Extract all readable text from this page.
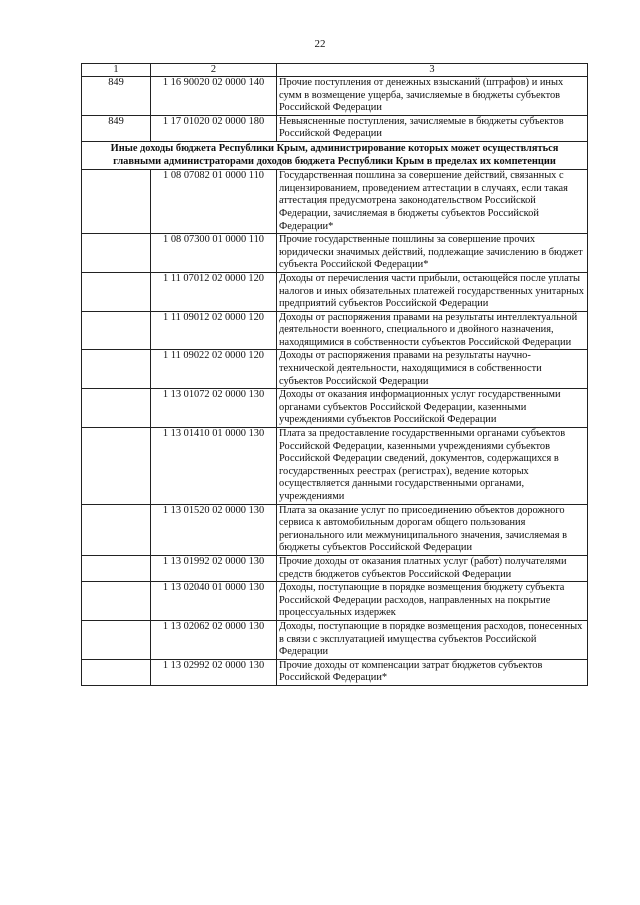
22
1	2	3
849	1 16 90020 02 0000 140	Прочие поступления от денежных взысканий (штрафов) и иных сумм в возмещение ущерба, зачисляемые в бюджеты субъектов Российской Федерации
849	1 17 01020 02 0000 180	Невыясненные поступления, зачисляемые в бюджеты субъектов Российской Федерации
Иные доходы бюджета Республики Крым, администрирование которых может осуществляться главными администраторами доходов бюджета Республики Крым в пределах их компетенции		
	1 08 07082 01 0000 110	Государственная пошлина за совершение действий, связанных с лицензированием, проведением аттестации в случаях, если такая аттестация предусмотрена законодательством Российской Федерации, зачисляемая в бюджеты субъектов Российской Федерации*
	1 08 07300 01 0000 110	Прочие государственные пошлины за совершение прочих юридически значимых действий, подлежащие зачислению в бюджет субъекта Российской Федерации*
	1 11 07012 02 0000 120	Доходы от перечисления части прибыли, остающейся после уплаты налогов и иных обязательных платежей государственных унитарных предприятий субъектов Российской Федерации
	1 11 09012 02 0000 120	Доходы от распоряжения правами на результаты интеллектуальной деятельности военного, специального и двойного назначения, находящимися в собственности субъектов Российской Федерации
	1 11 09022 02 0000 120	Доходы от распоряжения правами на результаты научно-технической деятельности, находящимися в собственности субъектов Российской Федерации
	1 13 01072 02 0000 130	Доходы от оказания информационных услуг государственными органами субъектов Российской Федерации, казенными учреждениями субъектов Российской Федерации
	1 13 01410 01 0000 130	Плата за предоставление государственными органами субъектов Российской Федерации, казенными учреждениями субъектов Российской Федерации сведений, документов, содержащихся в государственных реестрах (регистрах), ведение которых осуществляется данными государственными органами, учреждениями
	1 13 01520 02 0000 130	Плата за оказание услуг по присоединению объектов дорожного сервиса к автомобильным дорогам общего пользования регионального или межмуниципального значения, зачисляемая в бюджеты субъектов Российской Федерации
	1 13 01992 02 0000 130	Прочие доходы от оказания платных услуг (работ) получателями средств бюджетов субъектов Российской Федерации
	1 13 02040 01 0000 130	Доходы, поступающие в порядке возмещения бюджету субъекта Российской Федерации расходов, направленных на покрытие процессуальных издержек
	1 13 02062 02 0000 130	Доходы, поступающие в порядке возмещения расходов, понесенных в связи с эксплуатацией имущества субъектов Российской Федерации
	1 13 02992 02 0000 130	Прочие доходы от компенсации затрат бюджетов субъектов Российской Федерации*
